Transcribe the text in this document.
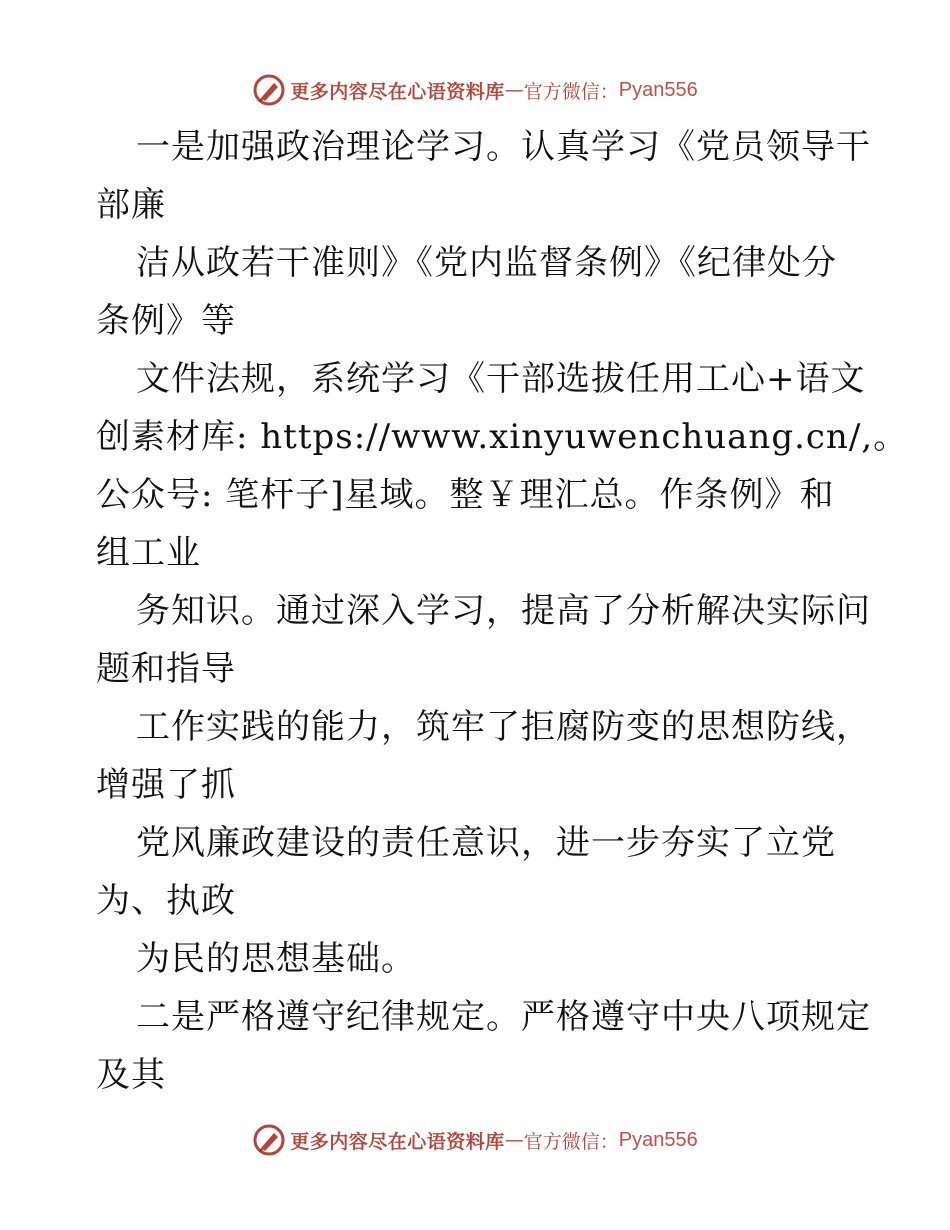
更多内容尽在心语资料库 — 官方微信： Pyan556
一是加强政治理论学习。认真学习《党员领导干
部廉
洁从政若干准则》《党内监督条例》《纪律处分
条例》等
文件法规，系统学习《干部选拔任用工心+语文
创素材库: https://www.xinyuwenchuang.cn/,。
公众号: 笔杆子]星域。整￥理汇总。作条例》和
组工业
务知识。通过深入学习，提高了分析解决实际问
题和指导
工作实践的能力，筑牢了拒腐防变的思想防线，
增强了抓
党风廉政建设的责任意识，进一步夯实了立党
为、执政
为民的思想基础。
二是严格遵守纪律规定。严格遵守中央八项规定
及其
更多内容尽在心语资料库 — 官方微信： Pyan556
